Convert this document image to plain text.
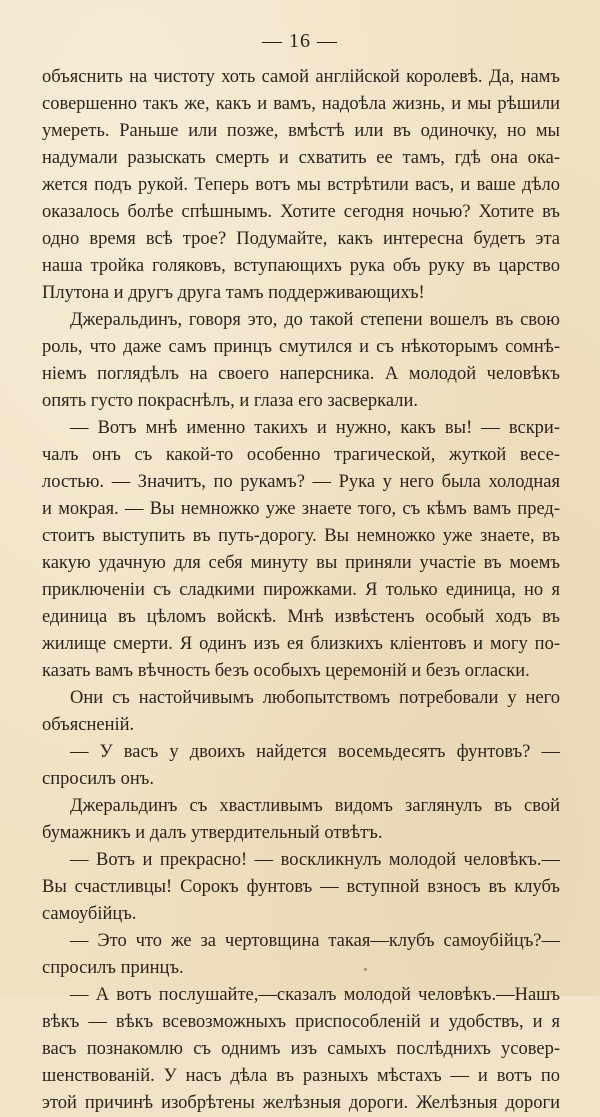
— 16 —
объяснить на чистоту хоть самой англійской королевѣ. Да, намъ
совершенно такъ же, какъ и вамъ, надоѣла жизнь, и мы рѣшили
умереть. Раньше или позже, вмѣстѣ или въ одиночку, но мы
надумали разыскать смерть и схватить ее тамъ, гдѣ она ока-
жется подъ рукой. Теперь вотъ мы встрѣтили васъ, и ваше дѣло
оказалось болѣе спѣшнымъ. Хотите сегодня ночью? Хотите въ
одно время всѣ трое? Подумайте, какъ интересна будетъ эта
наша тройка голяковъ, вступающихъ рука объ руку въ царство
Плутона и другъ друга тамъ поддерживающихъ!
Джеральдинъ, говоря это, до такой степени вошелъ въ свою
роль, что даже самъ принцъ смутился и съ нѣкоторымъ сомнѣ-
ніемъ поглядѣлъ на своего наперсника. А молодой человѣкъ
опять густо покраснѣлъ, и глаза его засверкали.
— Вотъ мнѣ именно такихъ и нужно, какъ вы! — вскри-
чалъ онъ съ какой-то особенно трагической, жуткой весе-
лостью. — Значитъ, по рукамъ? — Рука у него была холодная
и мокрая. — Вы немножко уже знаете того, съ кѣмъ вамъ пред-
стоитъ выступить въ путь-дорогу. Вы немножко уже знаете, въ
какую удачную для себя минуту вы приняли участіе въ моемъ
приключеніи съ сладкими пирожками. Я только единица, но я
единица въ цѣломъ войскѣ. Мнѣ извѣстенъ особый ходъ въ
жилище смерти. Я одинъ изъ ея близкихъ кліентовъ и могу по-
казать вамъ вѣчность безъ особыхъ церемоній и безъ огласки.
Они съ настойчивымъ любопытствомъ потребовали у него
объясненій.
— У васъ у двоихъ найдется восемьдесятъ фунтовъ? —
спросилъ онъ.
Джеральдинъ съ хвастливымъ видомъ заглянулъ въ свой
бумажникъ и далъ утвердительный отвѣтъ.
— Вотъ и прекрасно! — воскликнулъ молодой человѣкъ.—
Вы счастливцы! Сорокъ фунтовъ — вступной взносъ въ клубъ
самоубійцъ.
— Это что же за чертовщина такая—клубъ самоубійцъ?—
спросилъ принцъ.
— А вотъ послушайте,—сказалъ молодой человѣкъ.—Нашъ
вѣкъ — вѣкъ всевозможныхъ приспособленій и удобствъ, и я
васъ познакомлю съ однимъ изъ самыхъ послѣднихъ усовер-
шенствованій. У насъ дѣла въ разныхъ мѣстахъ — и вотъ по
этой причинѣ изобрѣтены желѣзныя дороги. Желѣзныя дороги
